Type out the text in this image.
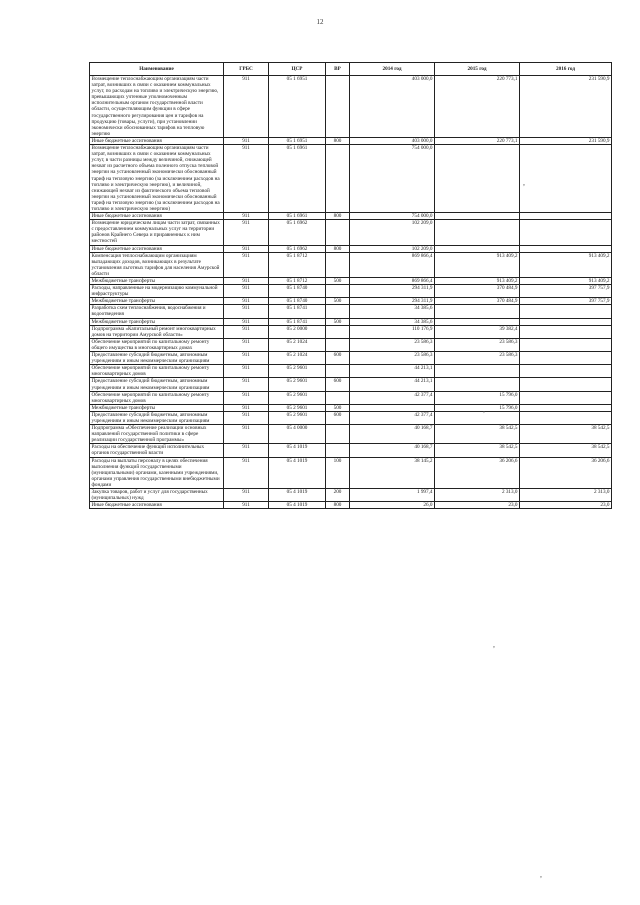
12
Наименование	ГРБС	ЦСР	ВР	2014 год	2015 год	2016 год
Возмещение теплоснабжающим организациям части затрат, возникших в связи с оказанием коммунальных услуг, по расходам на топливо и электрическую энергию, превышающих учтенные уполномоченным исполнительным органом государственной власти области, осуществляющим функции в сфере государственного регулирования цен и тарифов на продукцию (товары, услуги), при установлении экономически обоснованных тарифов на тепловую энергию	911	05 1 6951		403 000,0	220 773,1	231 590,9
Иные бюджетные ассигнования	911	05 1 6951	800	403 000,0	220 773,1	231 590,9
Возмещение теплоснабжающим организациям части затрат, возникших в связи с оказанием коммунальных услуг, в части разницы между величиной, снижающей нехват из расчетного объема полезного отпуска тепловой энергии на установленный экономически обоснованный тариф на тепловую энергию (за исключением расходов на топливо и электрическую энергию), и величиной, снижающей нехват из фактического объема тепловой энергии на установленный экономически обоснованный тариф на тепловую энергию (за исключением расходов на топливо и электрическую энергию)	911	05 1 6961		754 000,0		
Иные бюджетные ассигнования	911	05 1 6961	800	754 000,0		
Возмещение юридическим лицам части затрат, связанных с предоставлением коммунальных услуг на территории районов Крайнего Севера и приравненных к ним местностей	911	05 1 6962		102 209,0		
Иные бюджетные ассигнования	911	05 1 6962	800	102 209,0		
Компенсация теплоснабжающим организациям выпадающих доходов, возникающих в результате установления льготных тарифов для населения Амурской области	911	05 1 8712		869 866,4	913 409,2	913 409,2
Межбюджетные трансферты	911	05 1 8712	500	869 866,4	913 409,2	913 409,2
Расходы, направленные на модернизацию коммунальной инфраструктуры	911	05 1 8740		294 311,9	370 484,9	397 757,9
Межбюджетные трансферты	911	05 1 8740	500	294 311,9	370 484,9	397 757,9
Разработка схем теплоснабжения, водоснабжения и водоотведения	911	05 1 8741		34 385,6		
Межбюджетные трансферты	911	05 1 8741	500	34 385,6		
Подпрограмма «Капитальный ремонт многоквартирных домов на территории Амурской области»	911	05 2 0000		110 176,9	39 382,4	
Обеспечение мероприятий по капитальному ремонту общего имущества в многоквартирных домах	911	05 2 1024		23 586,3	23 586,3	
Предоставление субсидий бюджетным, автономным учреждениям и иным некоммерческим организациям	911	05 2 1024	600	23 586,3	23 586,3	
Обеспечение мероприятий по капитальному ремонту многоквартирных домов	911	05 2 9601		44 213,1		
Предоставление субсидий бюджетным, автономным учреждениям и иным некоммерческим организациям	911	05 2 9601	600	44 213,1		
Обеспечение мероприятий по капитальному ремонту многоквартирных домов	911	05 2 9601		42 377,4	15 796,0	
Межбюджетные трансферты	911	05 2 9601	500		15 796,0	
Предоставление субсидий бюджетным, автономным учреждениям и иным некоммерческим организациям	911	05 2 9601	600	42 377,4		
Подпрограмма «Обеспечение реализации основных направлений государственной политики в сфере реализации государственной программы»	911	05 4 0000		40 168,7	38 542,5	38 542,5
Расходы на обеспечение функций исполнительных органов государственной власти	911	05 4 1019		40 168,7	38 542,5	38 542,5
Расходы на выплаты персоналу в целях обеспечения выполнения функций государственными (муниципальными) органами, казенными учреждениями, органами управления государственными внебюджетными фондами	911	05 4 1019	100	38 145,2	36 206,6	36 206,6
Закупка товаров, работ и услуг для государственных (муниципальных) нужд	911	05 4 1019	200	1 997,4	2 313,0	2 313,0
Иные бюджетные ассигнования	911	05 4 1019	800	26,0	23,0	23,0
,
,
,
,
